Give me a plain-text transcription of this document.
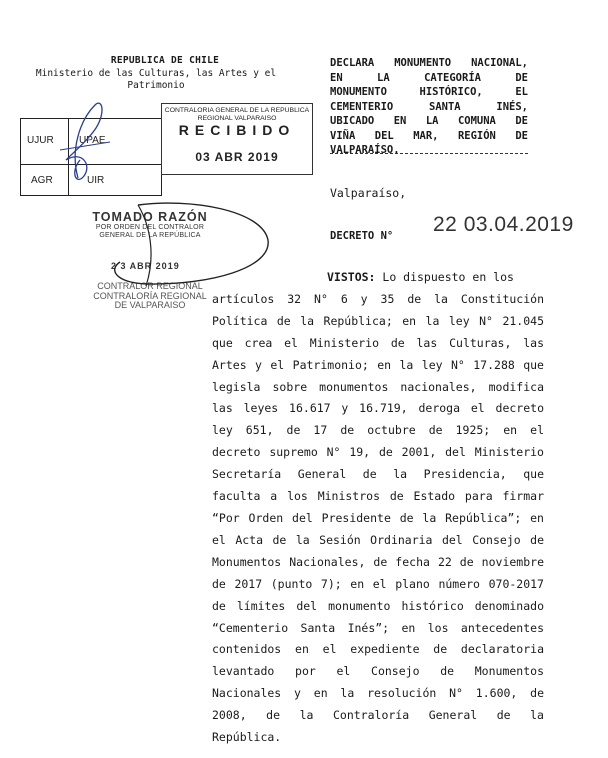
REPUBLICA DE CHILE
Ministerio de las Culturas, las Artes y el
Patrimonio
DECLARA MONUMENTO NACIONAL,
EN LA CATEGORÍA DE
MONUMENTO HISTÓRICO, EL
CEMENTERIO SANTA INÉS,
UBICADO EN LA COMUNA DE
VIÑA DEL MAR, REGIÓN DE
VALPARAÍSO.
UJUR	UPAE
AGR	UIR
CONTRALORIA GENERAL DE LA REPUBLICA
REGIONAL VALPARAISO
RECIBIDO
03 ABR 2019
TOMADO RAZÓN
POR ORDEN DEL CONTRALOR
GENERAL DE LA REPÚBLICA
2 3 ABR 2019
CONTRALOR REGIONAL
CONTRALORÍA REGIONAL
DE VALPARAISO
Valparaíso,
22 03.04.2019
DECRETO N°
VISTOS: Lo dispuesto en los
artículos 32 N° 6 y 35 de la Constitución Política de la República; en la ley N° 21.045 que crea el Ministerio de las Culturas, las Artes y el Patrimonio; en la ley N° 17.288 que legisla sobre monumentos nacionales, modifica las leyes 16.617 y 16.719, deroga el decreto ley 651, de 17 de octubre de 1925; en el decreto supremo N° 19, de 2001, del Ministerio Secretaría General de la Presidencia, que faculta a los Ministros de Estado para firmar “Por Orden del Presidente de la República”; en el Acta de la Sesión Ordinaria del Consejo de Monumentos Nacionales, de fecha 22 de noviembre de 2017 (punto 7); en el plano número 070-2017 de límites del monumento histórico denominado “Cementerio Santa Inés”; en los antecedentes contenidos en el expediente de declaratoria levantado por el Consejo de Monumentos Nacionales y en la resolución N° 1.600, de 2008, de la Contraloría General de la República.
